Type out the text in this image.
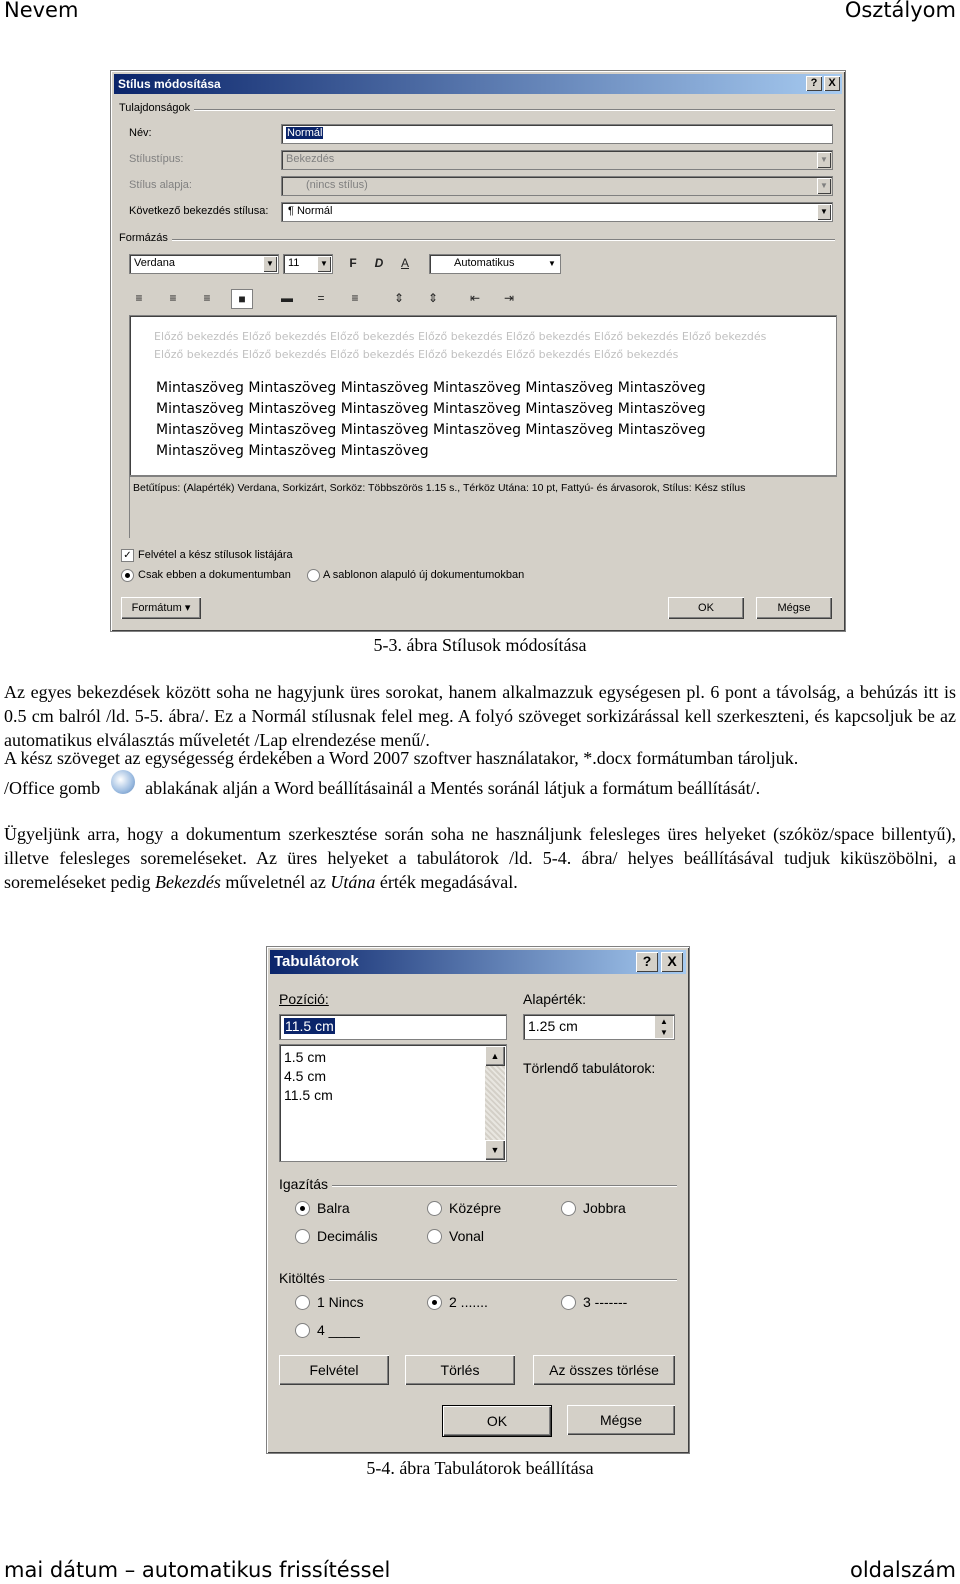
Nevem	Osztályom
Stílus módosítása	? X
Tulajdonságok
Név:	Normál
Stílustípus:	Bekezdés	▼
Stílus alapja:	(nincs stílus)	▼
Következő bekezdés stílusa: ¶ Normál	▼
Formázás
Verdana	▼ 11	▼	F	D	A	Automatikus	▼
≡	≡	≡	■	▬	=	≡	⇕	⇕	⇤	⇥
Előző bekezdés Előző bekezdés Előző bekezdés Előző bekezdés Előző bekezdés Előző bekezdés Előző bekezdés
Előző bekezdés Előző bekezdés Előző bekezdés Előző bekezdés Előző bekezdés Előző bekezdés
Mintaszöveg Mintaszöveg Mintaszöveg Mintaszöveg Mintaszöveg Mintaszöveg
Mintaszöveg Mintaszöveg Mintaszöveg Mintaszöveg Mintaszöveg Mintaszöveg
Mintaszöveg Mintaszöveg Mintaszöveg Mintaszöveg Mintaszöveg Mintaszöveg
Mintaszöveg Mintaszöveg Mintaszöveg
Betűtípus: (Alapérték) Verdana, Sorkizárt, Sorköz: Többszörös 1.15 s., Térköz Utána: 10 pt, Fattyú- és árvasorok, Stílus: Kész stílus
✓ Felvétel a kész stílusok listájára
Csak ebben a dokumentumban	A sablonon alapuló új dokumentumokban
Formátum ▾	OK	Mégse
5-3. ábra Stílusok módosítása
Az egyes bekezdések között soha ne hagyjunk üres sorokat, hanem alkalmazzuk egységesen pl. 6 pont a távolság, a behúzás itt is 0.5 cm balról /ld. 5-5. ábra/. Ez a Normál stílusnak felel meg. A folyó szöveget sorkizárással kell szerkeszteni, és kapcsoljuk be az automatikus elválasztás műveletét /Lap elrendezése menű/.
A kész szöveget az egységesség érdekében a Word 2007 szoftver használatakor, *.docx formátumban tároljuk.
/Office gomb	ablakának alján a Word beállításainál a Mentés soránál látjuk a formátum beállítását/.
Ügyeljünk arra, hogy a dokumentum szerkesztése során soha ne használjunk felesleges üres helyeket (szóköz/space billentyű), illetve felesleges soremeléseket. Az üres helyeket a tabulátorok /ld. 5-4. ábra/ helyes beállításával tudjuk kiküszöbölni, a soremeléseket pedig Bekezdés műveletnél az Utána érték megadásával.
Tabulátorok	?	X
Pozíció:
11.5 cm
1.5 cm
4.5 cm
11.5 cm
▲
▼
Alapérték:
1.25 cm	▲
▼
Törlendő tabulátorok:
Igazítás
Balra	Középre	Jobbra
Decimális	Vonal
Kitöltés
1 Nincs	2 .......	3 -------
4 ____
Felvétel	Törlés	Az összes törlése
OK	Mégse
5-4. ábra Tabulátorok beállítása
mai dátum – automatikus frissítéssel	oldalszám
